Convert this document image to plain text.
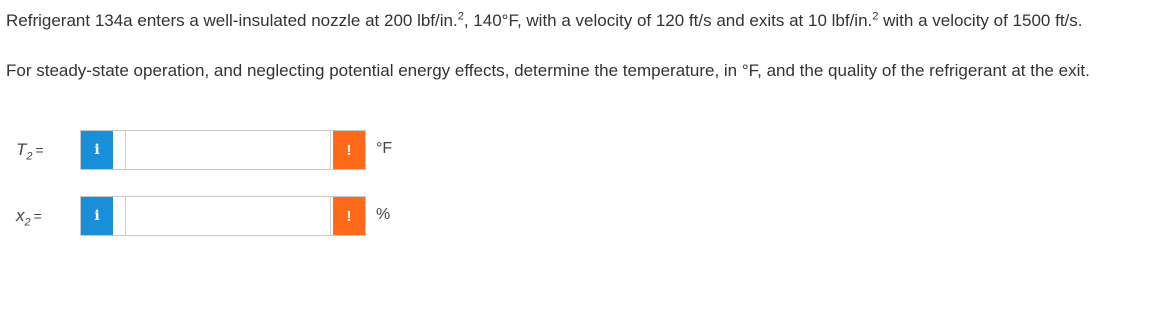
Refrigerant 134a enters a well-insulated nozzle at 200 lbf/in.$^2$, 140°F, with a velocity of 120 ft/s and exits at 10 lbf/in.$^2$ with a velocity of 1500 ft/s.

For steady-state operation, and neglecting potential energy effects, determine the temperature, in °F, and the quality of the refrigerant at the exit.

$T_2$ =	i	!	°F
$x_2$ =	i	!	%
